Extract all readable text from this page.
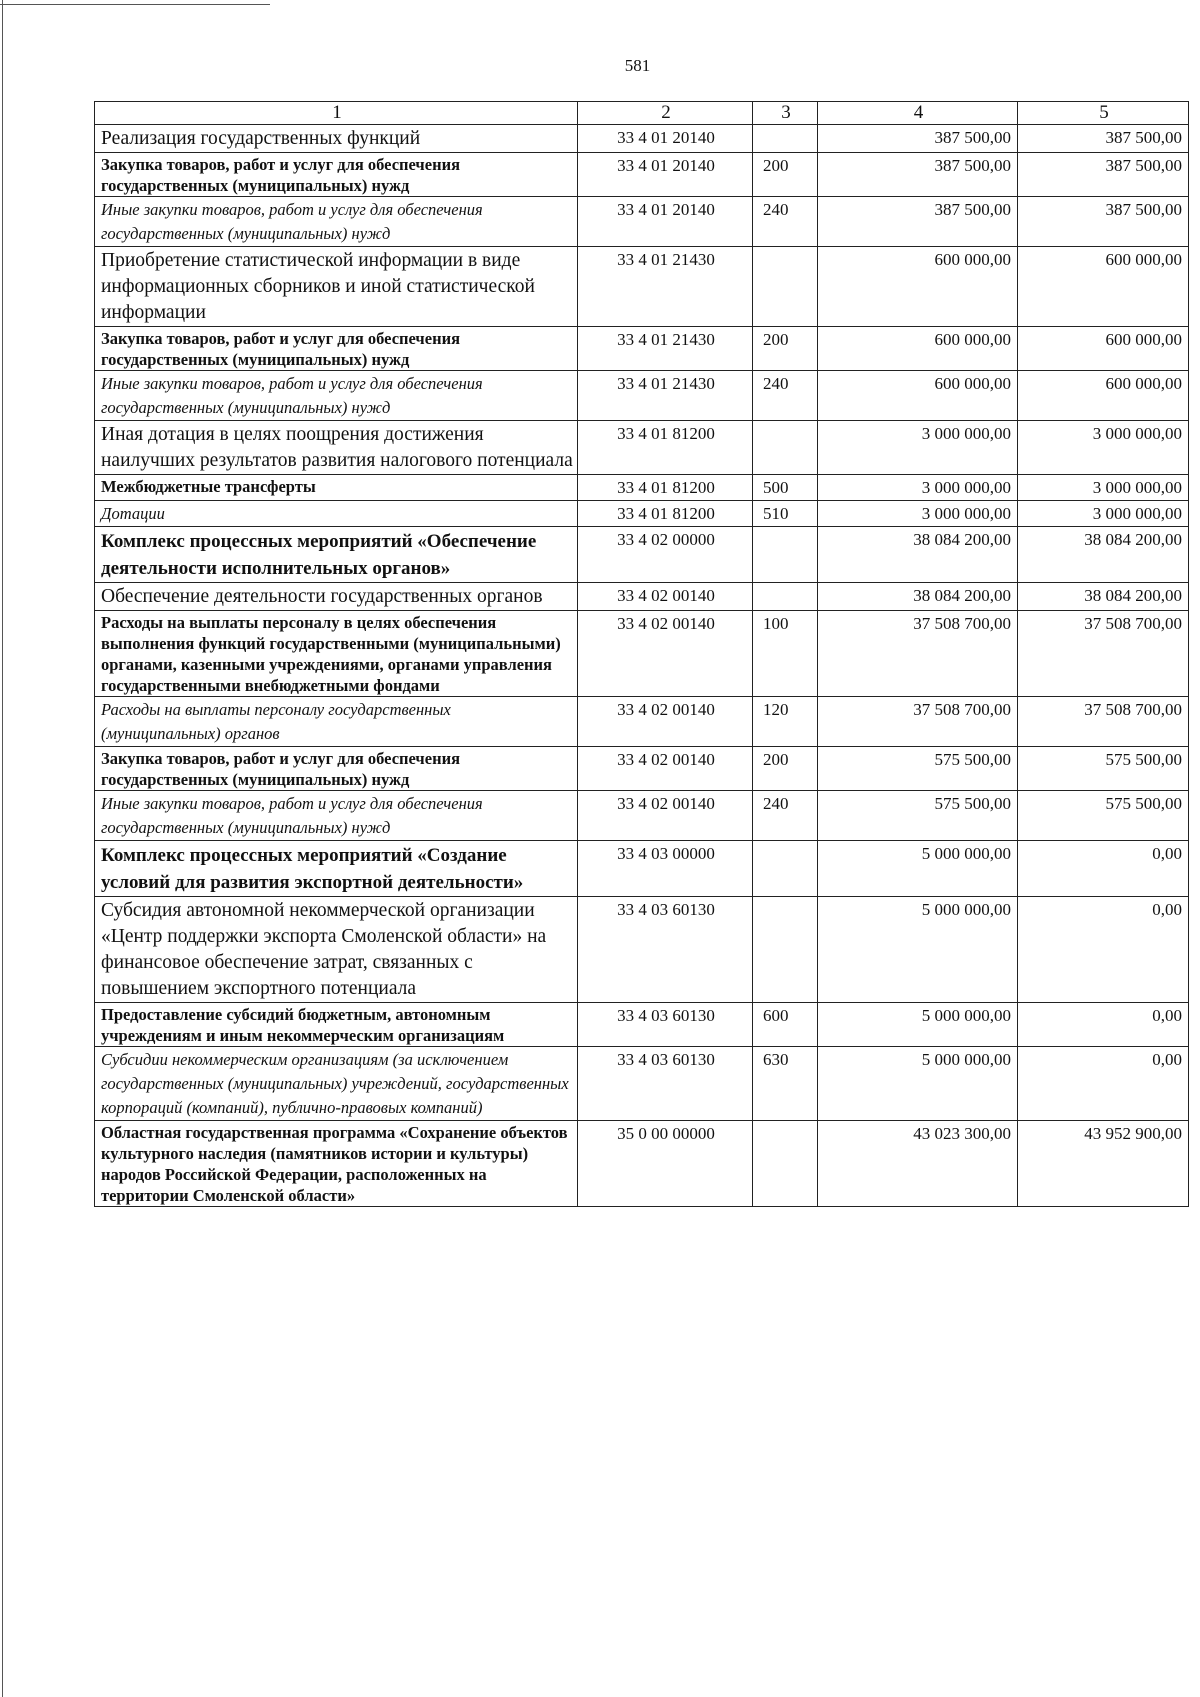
581
1	2	3	4	5
Реализация государственных функций	33 4 01 20140		387 500,00	387 500,00
Закупка товаров, работ и услуг для обеспечения государственных (муниципальных) нужд	33 4 01 20140	200	387 500,00	387 500,00
Иные закупки товаров, работ и услуг для обеспечения государственных (муниципальных) нужд	33 4 01 20140	240	387 500,00	387 500,00
Приобретение статистической информации в виде информационных сборников и иной статистической информации	33 4 01 21430		600 000,00	600 000,00
Закупка товаров, работ и услуг для обеспечения государственных (муниципальных) нужд	33 4 01 21430	200	600 000,00	600 000,00
Иные закупки товаров, работ и услуг для обеспечения государственных (муниципальных) нужд	33 4 01 21430	240	600 000,00	600 000,00
Иная дотация в целях поощрения достижения наилучших результатов развития налогового потенциала	33 4 01 81200		3 000 000,00	3 000 000,00
Межбюджетные трансферты	33 4 01 81200	500	3 000 000,00	3 000 000,00
Дотации	33 4 01 81200	510	3 000 000,00	3 000 000,00
Комплекс процессных мероприятий «Обеспечение деятельности исполнительных органов»	33 4 02 00000		38 084 200,00	38 084 200,00
Обеспечение деятельности государственных органов	33 4 02 00140		38 084 200,00	38 084 200,00
Расходы на выплаты персоналу в целях обеспечения выполнения функций государственными (муниципальными) органами, казенными учреждениями, органами управления государственными внебюджетными фондами	33 4 02 00140	100	37 508 700,00	37 508 700,00
Расходы на выплаты персоналу государственных (муниципальных) органов	33 4 02 00140	120	37 508 700,00	37 508 700,00
Закупка товаров, работ и услуг для обеспечения государственных (муниципальных) нужд	33 4 02 00140	200	575 500,00	575 500,00
Иные закупки товаров, работ и услуг для обеспечения государственных (муниципальных) нужд	33 4 02 00140	240	575 500,00	575 500,00
Комплекс процессных мероприятий «Создание условий для развития экспортной деятельности»	33 4 03 00000		5 000 000,00	0,00
Субсидия автономной некоммерческой организации «Центр поддержки экспорта Смоленской области» на финансовое обеспечение затрат, связанных с повышением экспортного потенциала	33 4 03 60130		5 000 000,00	0,00
Предоставление субсидий бюджетным, автономным учреждениям и иным некоммерческим организациям	33 4 03 60130	600	5 000 000,00	0,00
Субсидии некоммерческим организациям (за исключением государственных (муниципальных) учреждений, государственных корпораций (компаний), публично-правовых компаний)	33 4 03 60130	630	5 000 000,00	0,00
Областная государственная программа «Сохранение объектов культурного наследия (памятников истории и культуры) народов Российской Федерации, расположенных на территории Смоленской области»	35 0 00 00000		43 023 300,00	43 952 900,00
